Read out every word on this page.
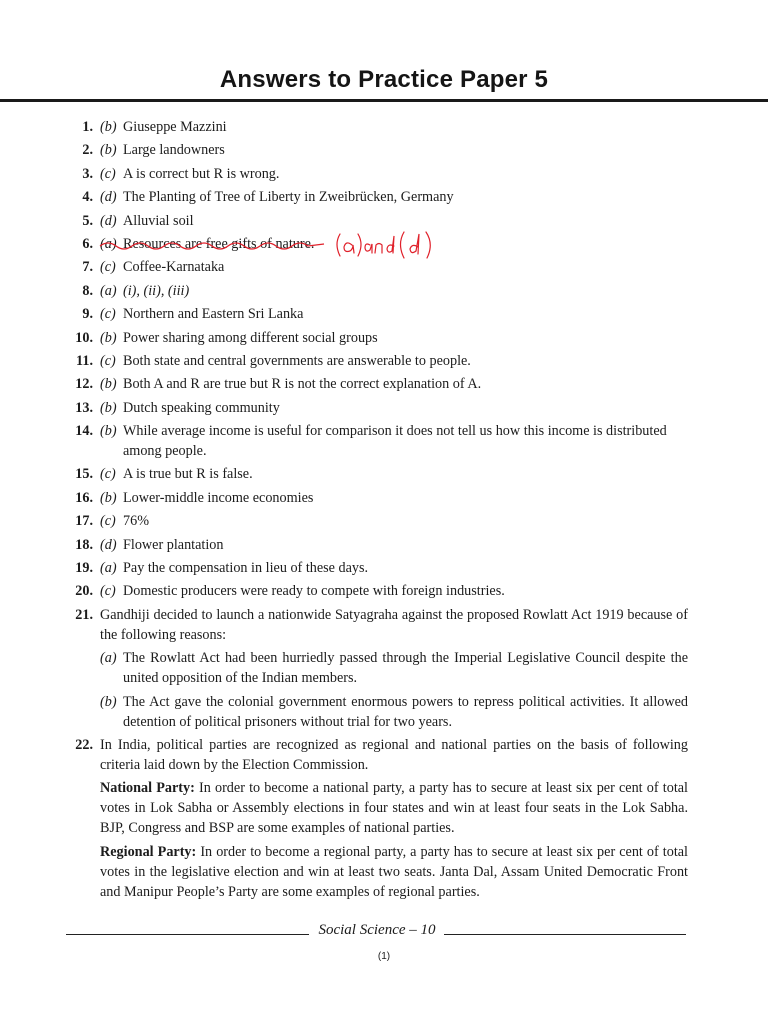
Answers to Practice Paper 5
1. (b) Giuseppe Mazzini
2. (b) Large landowners
3. (c) A is correct but R is wrong.
4. (d) The Planting of Tree of Liberty in Zweibrücken, Germany
5. (d) Alluvial soil
6. (a) Resources are free gifts of nature.
7. (c) Coffee-Karnataka
8. (a) (i), (ii), (iii)
9. (c) Northern and Eastern Sri Lanka
10. (b) Power sharing among different social groups
11. (c) Both state and central governments are answerable to people.
12. (b) Both A and R are true but R is not the correct explanation of A.
13. (b) Dutch speaking community
14. (b) While average income is useful for comparison it does not tell us how this income is distributed
among people.
15. (c) A is true but R is false.
16. (b) Lower-middle income economies
17. (c) 76%
18. (d) Flower plantation
19. (a) Pay the compensation in lieu of these days.
20. (c) Domestic producers were ready to compete with foreign industries.
21. Gandhiji decided to launch a nationwide Satyagraha against the proposed Rowlatt Act 1919 because of the following reasons:
(a) The Rowlatt Act had been hurriedly passed through the Imperial Legislative Council despite the united opposition of the Indian members.
(b) The Act gave the colonial government enormous powers to repress political activities. It allowed detention of political prisoners without trial for two years.
22. In India, political parties are recognized as regional and national parties on the basis of following criteria laid down by the Election Commission.
National Party: In order to become a national party, a party has to secure at least six per cent of total votes in Lok Sabha or Assembly elections in four states and win at least four seats in the Lok Sabha. BJP, Congress and BSP are some examples of national parties.
Regional Party: In order to become a regional party, a party has to secure at least six per cent of total votes in the legislative election and win at least two seats. Janta Dal, Assam United Democratic Front and Manipur People’s Party are some examples of regional parties.
Social Science – 10
(1)
